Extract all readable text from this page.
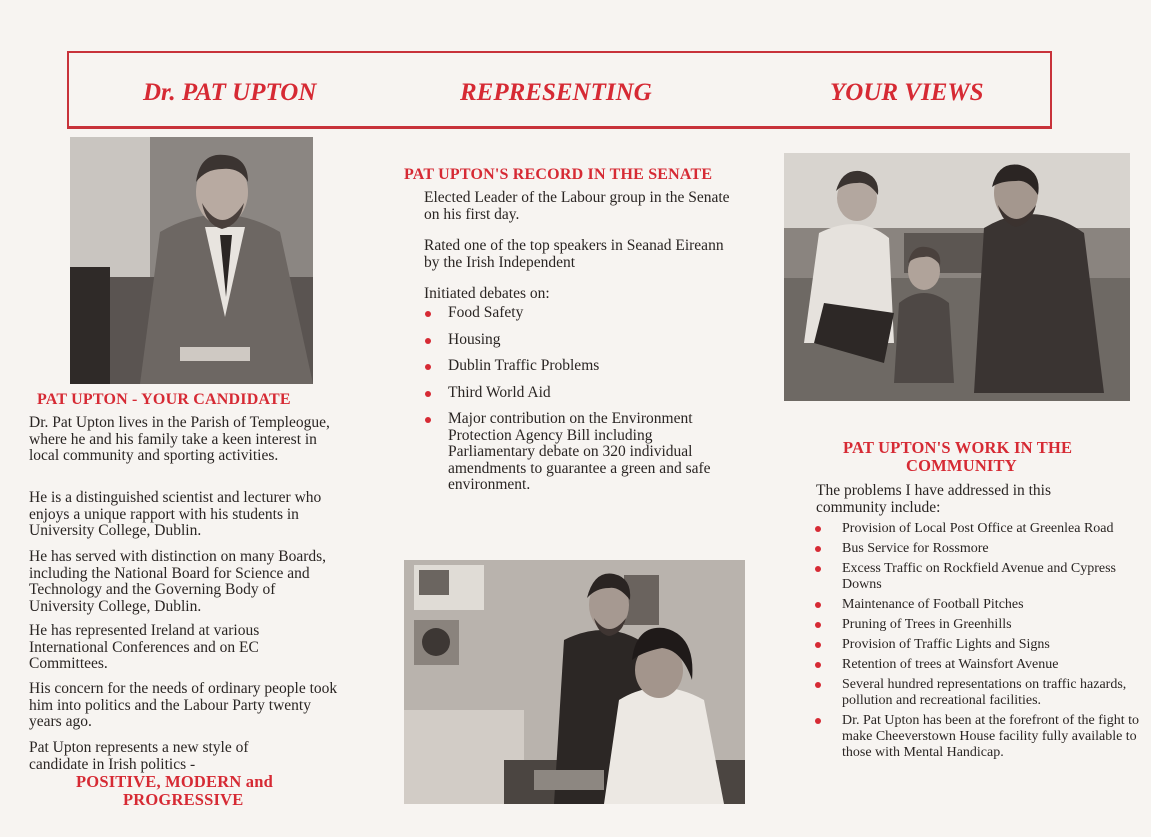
Dr. PAT UPTON	REPRESENTING	YOUR VIEWS
PAT UPTON - YOUR CANDIDATE

Dr. Pat Upton lives in the Parish of Templeogue, where he and his family take a keen interest in local community and sporting activities.

He is a distinguished scientist and lecturer who enjoys a unique rapport with his students in University College, Dublin.

He has served with distinction on many Boards, including the National Board for Science and Technology and the Governing Body of University College, Dublin.

He has represented Ireland at various International Conferences and on EC Committees.

His concern for the needs of ordinary people took him into politics and the Labour Party twenty years ago.

Pat Upton represents a new style of candidate in Irish politics -

POSITIVE, MODERN and
PROGRESSIVE
PAT UPTON'S RECORD IN THE SENATE

Elected Leader of the Labour group in the Senate on his first day.

Rated one of the top speakers in Seanad Eireann by the Irish Independent

Initiated debates on:

Food Safety
Housing
Dublin Traffic Problems
Third World Aid
Major contribution on the Environment Protection Agency Bill including Parliamentary debate on 320 individual amendments to guarantee a green and safe environment.
PAT UPTON'S WORK IN THE
COMMUNITY

The problems I have addressed in this community include:

Provision of Local Post Office at Greenlea Road
Bus Service for Rossmore
Excess Traffic on Rockfield Avenue and Cypress Downs
Maintenance of Football Pitches
Pruning of Trees in Greenhills
Provision of Traffic Lights and Signs
Retention of trees at Wainsfort Avenue
Several hundred representations on traffic hazards, pollution and recreational facilities.
Dr. Pat Upton has been at the forefront of the fight to make Cheeverstown House facility fully available to those with Mental Handicap.
